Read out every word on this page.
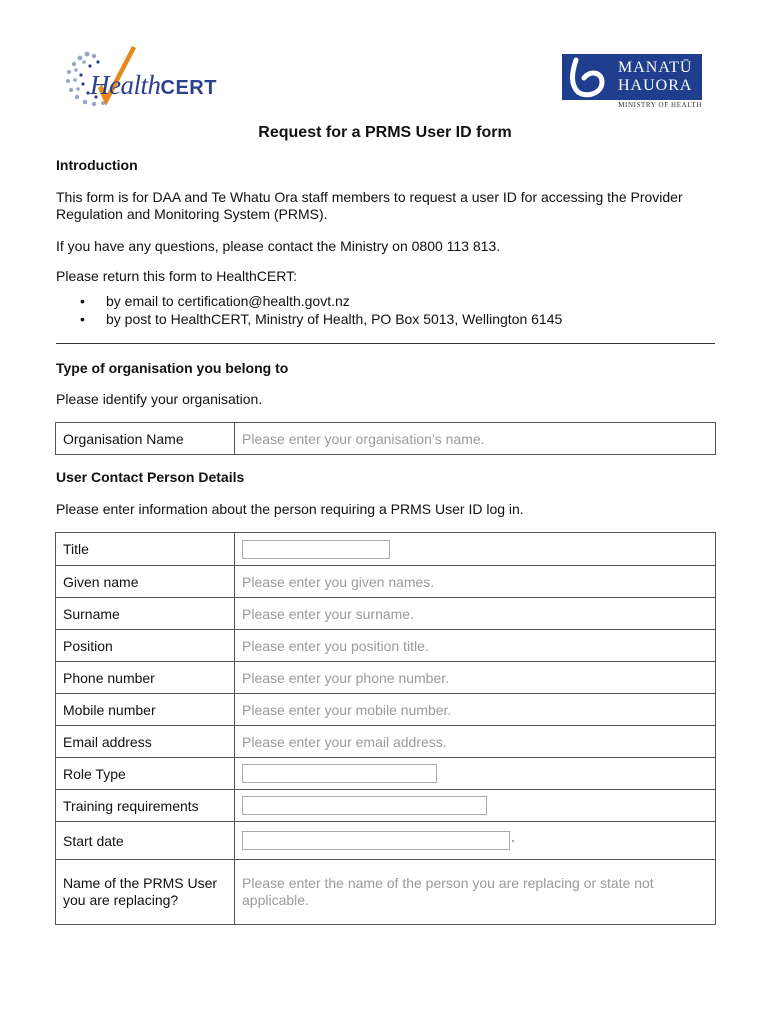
HealthCERT
MANATŪ
HAUORA
MINISTRY OF HEALTH
Request for a PRMS User ID form
Introduction
This form is for DAA and Te Whatu Ora staff members to request a user ID for accessing the Provider Regulation and Monitoring System (PRMS).
If you have any questions, please contact the Ministry on 0800 113 813.
Please return this form to HealthCERT:
• by email to certification@health.govt.nz
• by post to HealthCERT, Ministry of Health, PO Box 5013, Wellington 6145
Type of organisation you belong to
Please identify your organisation.
Organisation Name	Please enter your organisation’s name.
User Contact Person Details
Please enter information about the person requiring a PRMS User ID log in.
Title	
Given name	Please enter you given names.
Surname	Please enter your surname.
Position	Please enter you position title.
Phone number	Please enter your phone number.
Mobile number	Please enter your mobile number.
Email address	Please enter your email address.
Role Type	
Training requirements	
Start date	
Name of the PRMS User you are replacing?	Please enter the name of the person you are replacing or state not applicable.
